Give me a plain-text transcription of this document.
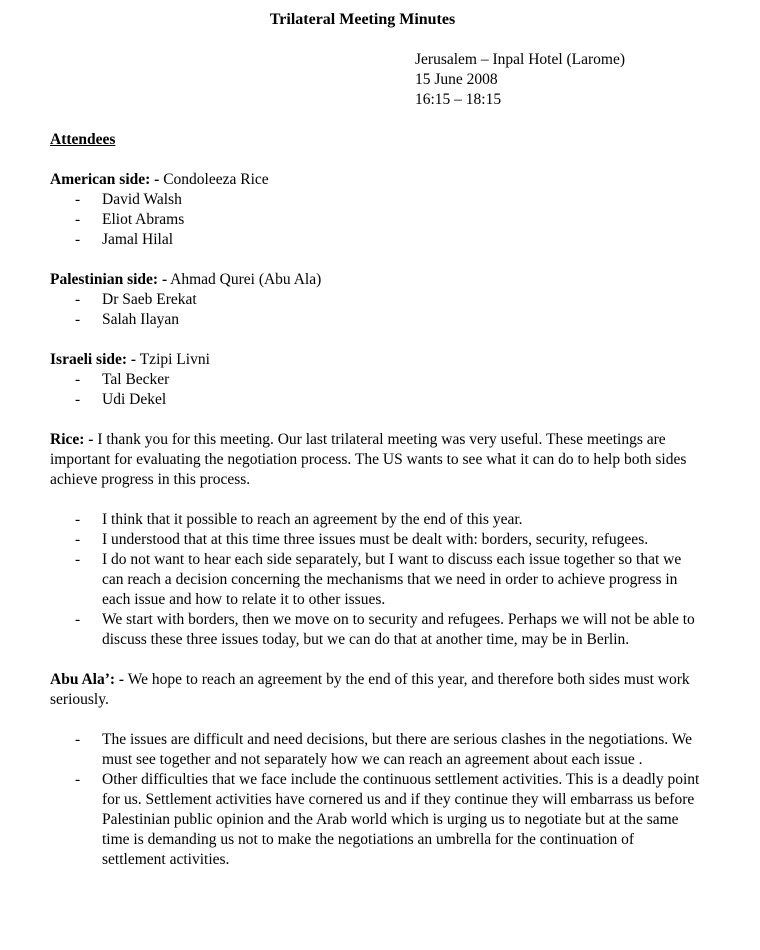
Trilateral Meeting Minutes
Jerusalem – Inpal Hotel (Larome)
15 June 2008
16:15 – 18:15
Attendees
American side: - Condoleeza Rice
- David Walsh
- Eliot Abrams
- Jamal Hilal
Palestinian side: - Ahmad Qurei (Abu Ala)
- Dr Saeb Erekat
- Salah Ilayan
Israeli side: - Tzipi Livni
- Tal Becker
- Udi Dekel

Rice: - I thank you for this meeting. Our last trilateral meeting was very useful. These meetings are important for evaluating the negotiation process. The US wants to see what it can do to help both sides achieve progress in this process.

- I think that it possible to reach an agreement by the end of this year.
- I understood that at this time three issues must be dealt with: borders, security, refugees.
- I do not want to hear each side separately, but I want to discuss each issue together so that we can reach a decision concerning the mechanisms that we need in order to achieve progress in each issue and how to relate it to other issues.
- We start with borders, then we move on to security and refugees. Perhaps we will not be able to discuss these three issues today, but we can do that at another time, may be in Berlin.

Abu Ala’: - We hope to reach an agreement by the end of this year, and therefore both sides must work seriously.

- The issues are difficult and need decisions, but there are serious clashes in the negotiations. We must see together and not separately how we can reach an agreement about each issue .
- Other difficulties that we face include the continuous settlement activities. This is a deadly point for us. Settlement activities have cornered us and if they continue they will embarrass us before Palestinian public opinion and the Arab world which is urging us to negotiate but at the same time is demanding us not to make the negotiations an umbrella for the continuation of settlement activities.
